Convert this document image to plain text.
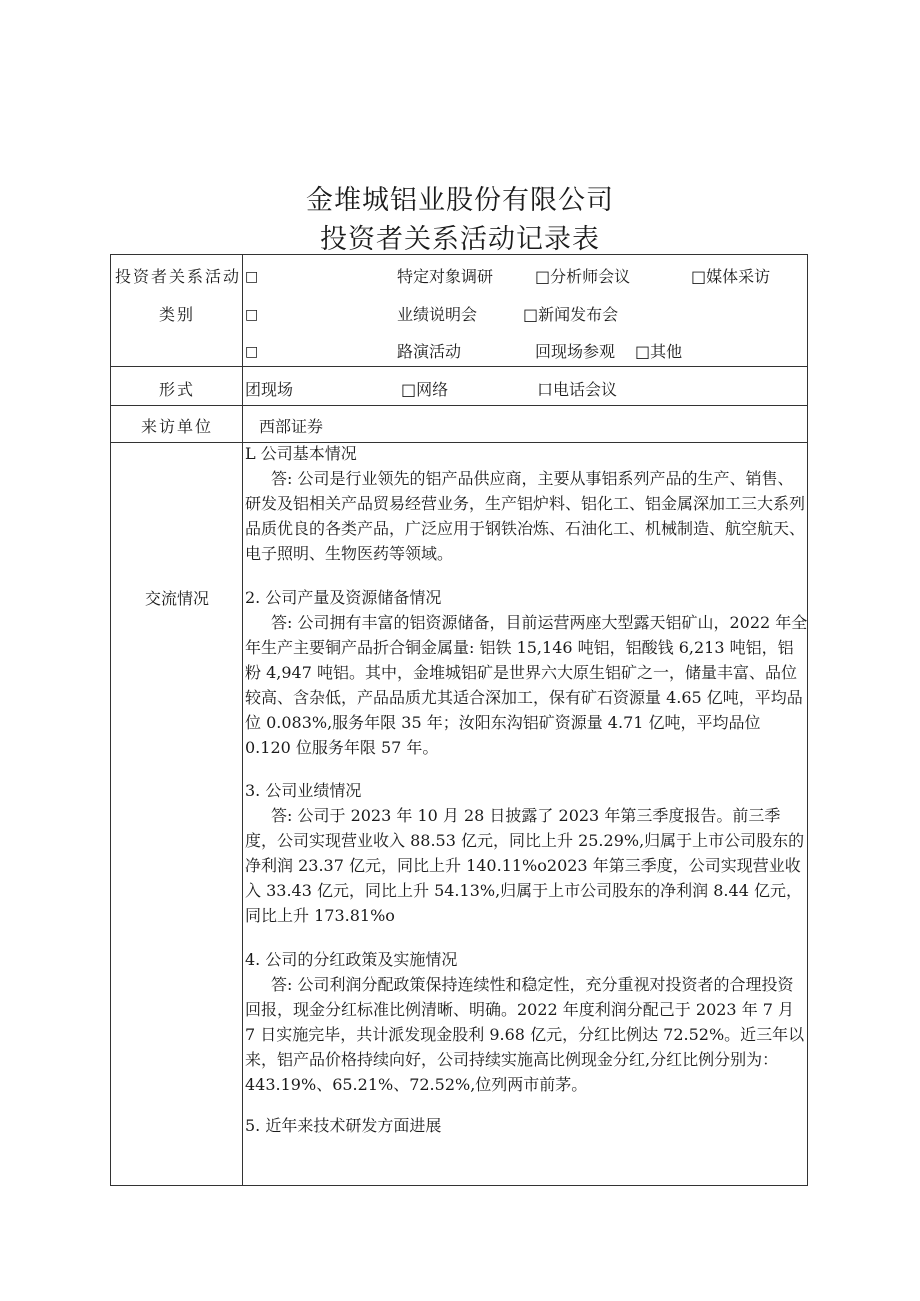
金堆城铝业股份有限公司
投资者关系活动记录表
投资者关系活动
类别
□	特定对象调研	□分析师会议	□媒体采访
□	业绩说明会	□新闻发布会
□	路演活动	回现场参观 □其他
形式	团现场	□网络	口电话会议
来访单位	西部证券
交流情况

L 公司基本情况

答: 公司是行业领先的铝产品供应商，主要从事铝系列产品的生产、销售、研发及铝相关产品贸易经营业务，生产铝炉料、铝化工、铝金属深加工三大系列品质优良的各类产品，广泛应用于钢铁冶炼、石油化工、机械制造、航空航天、电子照明、生物医药等领域。

2. 公司产量及资源储备情况

答: 公司拥有丰富的铝资源储备，目前运营两座大型露天铝矿山，2022 年全年生产主要铜产品折合铜金属量: 铝铁 15,146 吨铝，铝酸钱 6,213 吨铝，铝粉 4,947 吨铝。其中，金堆城铝矿是世界六大原生铝矿之一，储量丰富、品位较高、含杂低，产品品质尤其适合深加工，保有矿石资源量 4.65 亿吨，平均品位 0.083%,服务年限 35 年；汝阳东沟铝矿资源量 4.71 亿吨，平均品位 0.120 位服务年限 57 年。

3. 公司业绩情况

答: 公司于 2023 年 10 月 28 日披露了 2023 年第三季度报告。前三季度，公司实现营业收入 88.53 亿元，同比上升 25.29%,归属于上市公司股东的净利润 23.37 亿元，同比上升 140.11%o2023 年第三季度，公司实现营业收入 33.43 亿元，同比上升 54.13%,归属于上市公司股东的净利润 8.44 亿元，同比上升 173.81%o

4. 公司的分红政策及实施情况

答: 公司利润分配政策保持连续性和稳定性，充分重视对投资者的合理投资回报，现金分红标准比例清晰、明确。2022 年度利润分配己于 2023 年 7 月 7 日实施完毕，共计派发现金股利 9.68 亿元，分红比例达 72.52%。近三年以来，铝产品价格持续向好，公司持续实施高比例现金分红,分红比例分别为：443.19%、65.21%、72.52%,位列两市前茅。

5. 近年来技术研发方面进展
